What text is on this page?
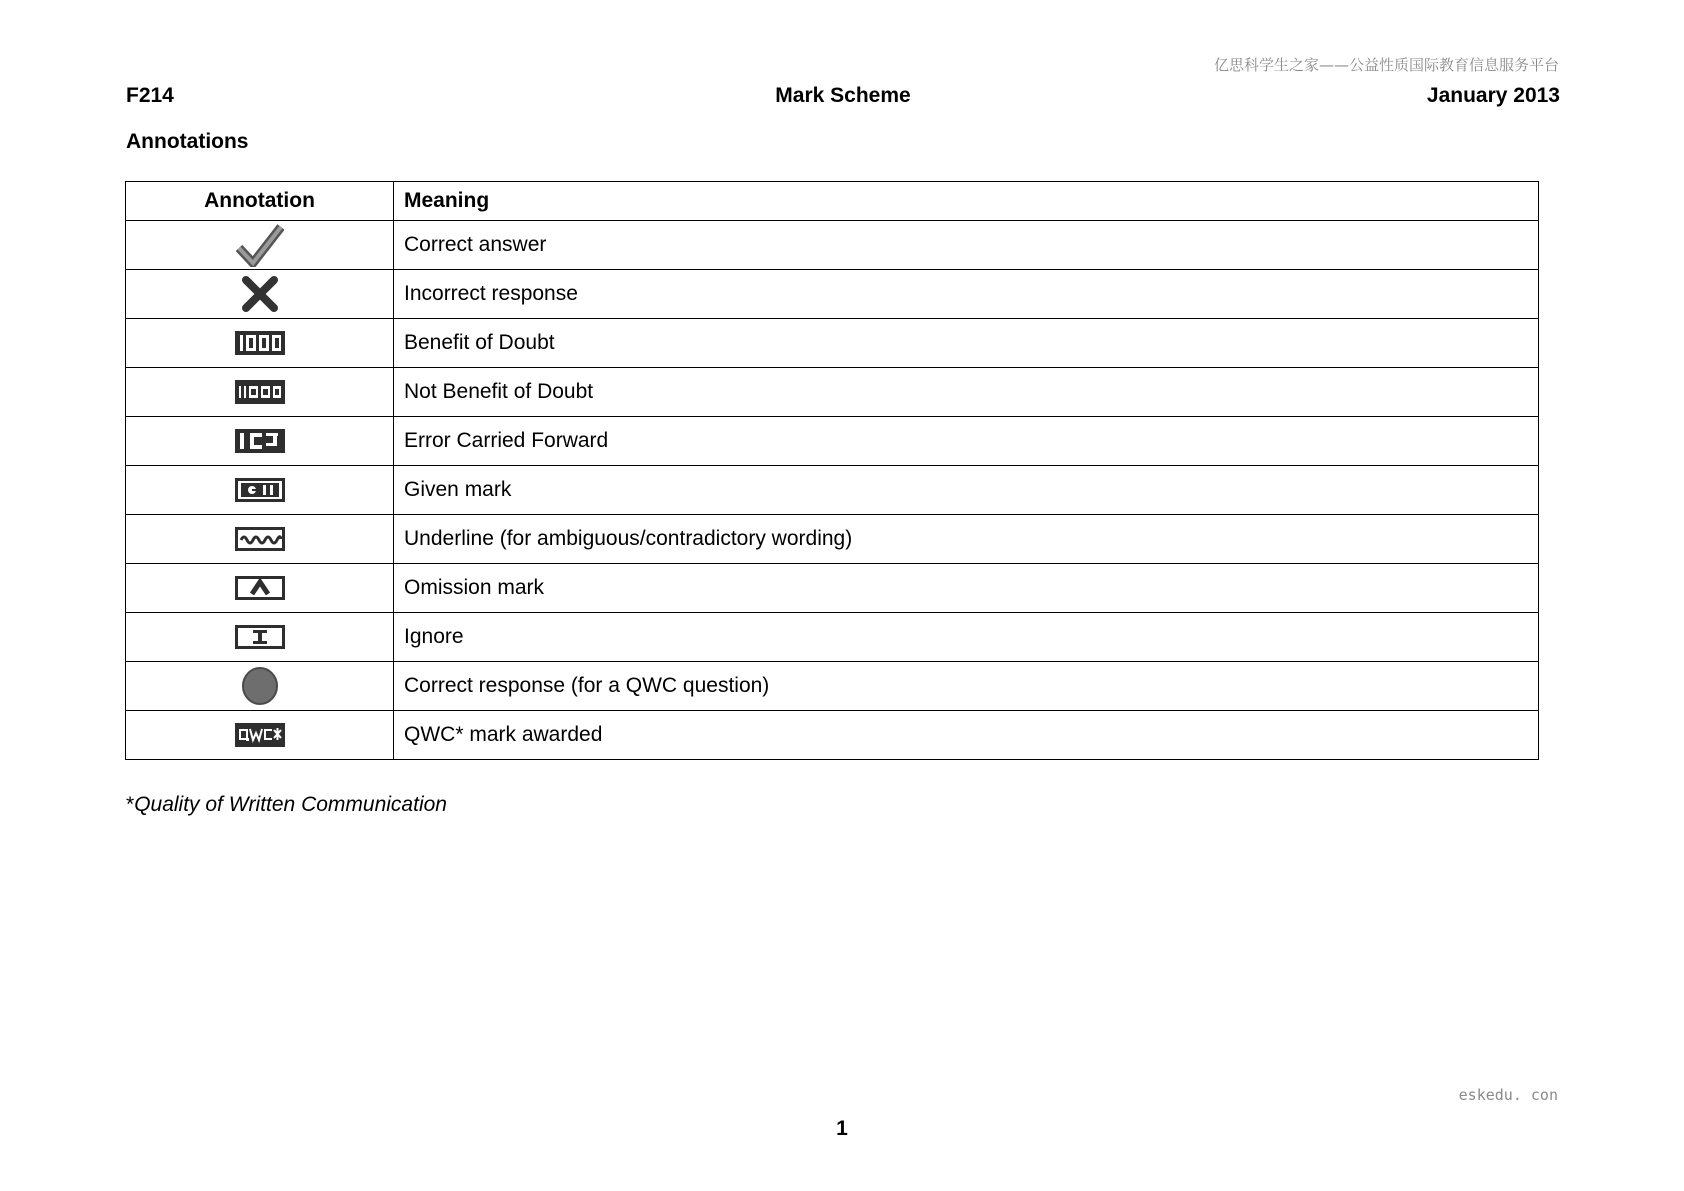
亿思科学生之家——公益性质国际教育信息服务平台
F214	Mark Scheme	January 2013
Annotations
Annotation	Meaning
	Correct answer
	Incorrect response
	Benefit of Doubt
	Not Benefit of Doubt
	Error Carried Forward
	Given mark
	Underline (for ambiguous/contradictory wording)
	Omission mark
	Ignore
	Correct response (for a QWC question)
	QWC* mark awarded
*Quality of Written Communication
eskedu. con
1
